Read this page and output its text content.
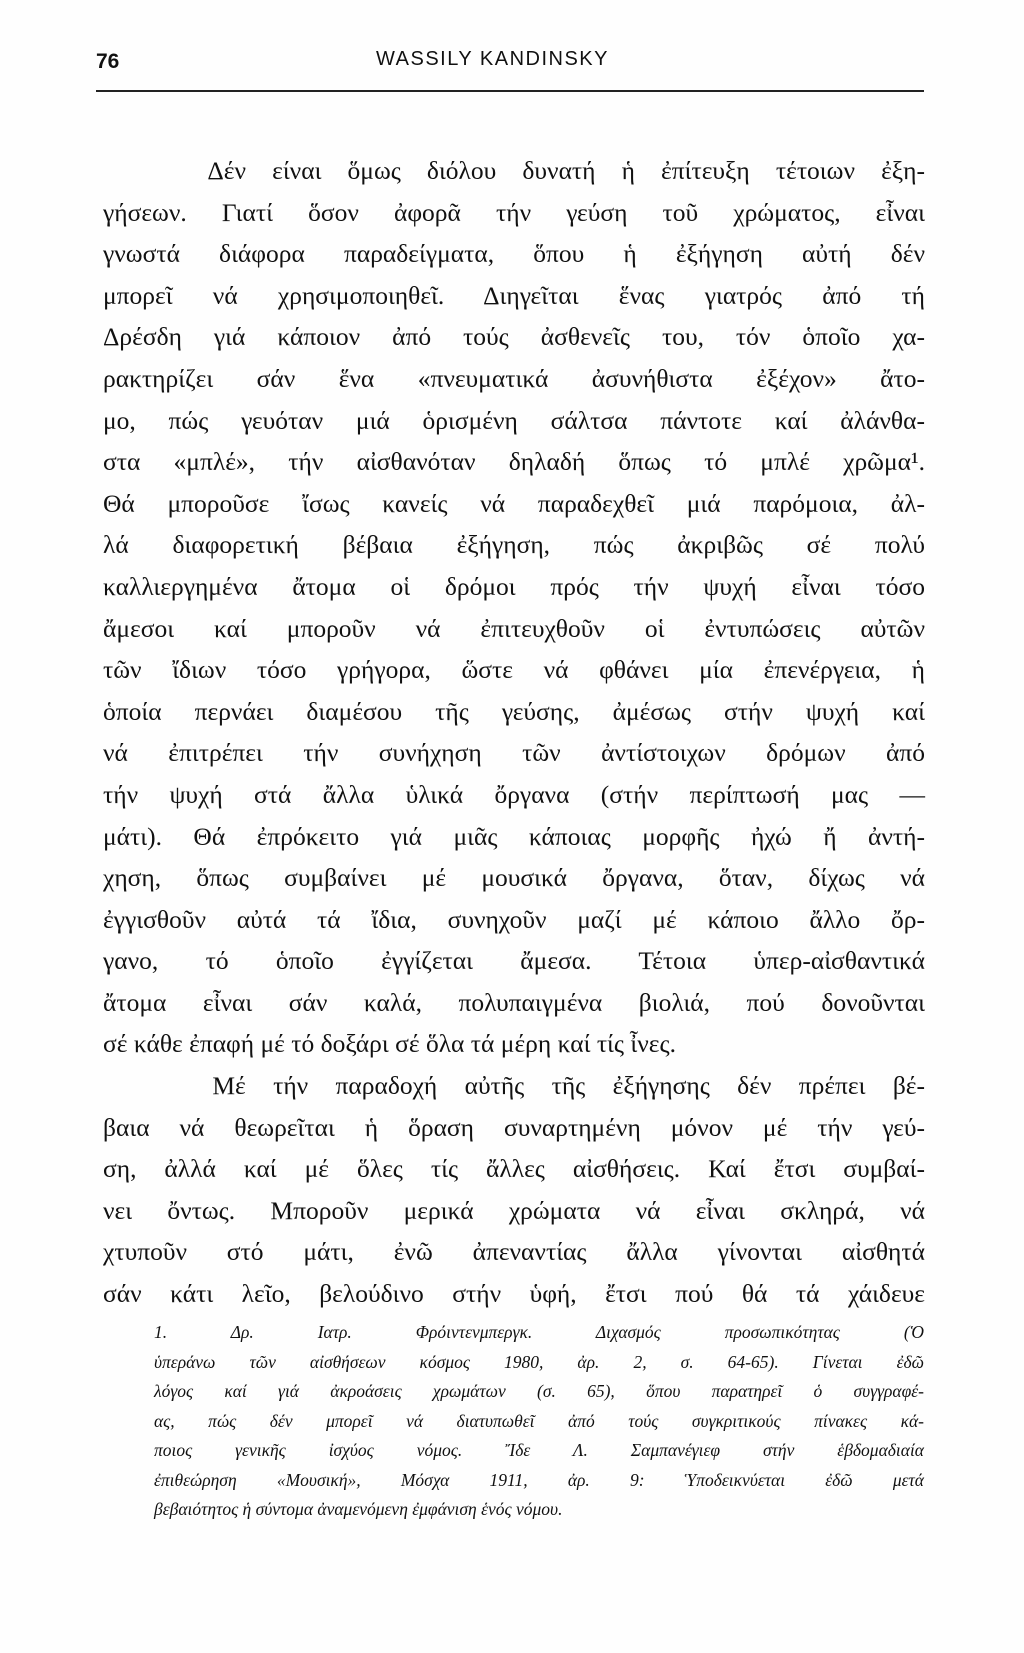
76	WASSILY KANDINSKY
Δέν είναι ὅμως διόλου δυνατή ἡ ἐπίτευξη τέτοιων ἐξη-
γήσεων. Γιατί ὅσον ἀφορᾶ τήν γεύση τοῦ χρώματος, εἶναι
γνωστά διάφορα παραδείγματα, ὅπου ἡ ἐξήγηση αὐτή δέν
μπορεῖ νά χρησιμοποιηθεῖ. Διηγεῖται ἕνας γιατρός ἀπό τή
Δρέσδη γιά κάποιον ἀπό τούς ἀσθενεῖς του, τόν ὁποῖο χα-
ρακτηρίζει σάν ἕνα «πνευματικά ἀσυνήθιστα ἐξέχον» ἄτο-
μο, πώς γευόταν μιά ὁρισμένη σάλτσα πάντοτε καί ἀλάνθα-
στα «μπλέ», τήν αἰσθανόταν δηλαδή ὅπως τό μπλέ χρῶμα¹.
Θά μποροῦσε ἴσως κανείς νά παραδεχθεῖ μιά παρόμοια, ἀλ-
λά διαφορετική βέβαια ἐξήγηση, πώς ἀκριβῶς σέ πολύ
καλλιεργημένα ἄτομα οἱ δρόμοι πρός τήν ψυχή εἶναι τόσο
ἄμεσοι καί μποροῦν νά ἐπιτευχθοῦν οἱ ἐντυπώσεις αὐτῶν
τῶν ἴδιων τόσο γρήγορα, ὥστε νά φθάνει μία ἐπενέργεια, ἡ
ὁποία περνάει διαμέσου τῆς γεύσης, ἀμέσως στήν ψυχή καί
νά ἐπιτρέπει τήν συνήχηση τῶν ἀντίστοιχων δρόμων ἀπό
τήν ψυχή στά ἄλλα ὑλικά ὄργανα (στήν περίπτωσή μας —
μάτι). Θά ἐπρόκειτο γιά μιᾶς κάποιας μορφῆς ἠχώ ἤ ἀντή-
χηση, ὅπως συμβαίνει μέ μουσικά ὄργανα, ὅταν, δίχως νά
ἐγγισθοῦν αὐτά τά ἴδια, συνηχοῦν μαζί μέ κάποιο ἄλλο ὄρ-
γανο, τό ὁποῖο ἐγγίζεται ἄμεσα. Τέτοια ὑπερ-αἰσθαντικά
ἄτομα εἶναι σάν καλά, πολυπαιγμένα βιολιά, πού δονοῦνται
σέ κάθε ἐπαφή μέ τό δοξάρι σέ ὅλα τά μέρη καί τίς ἶνες.
Μέ τήν παραδοχή αὐτῆς τῆς ἐξήγησης δέν πρέπει βέ-
βαια νά θεωρεῖται ἡ ὅραση συναρτημένη μόνον μέ τήν γεύ-
ση, ἀλλά καί μέ ὅλες τίς ἄλλες αἰσθήσεις. Καί ἔτσι συμβαί-
νει ὄντως. Μποροῦν μερικά χρώματα νά εἶναι σκληρά, νά
χτυποῦν στό μάτι, ἐνῶ ἀπεναντίας ἄλλα γίνονται αἰσθητά
σάν κάτι λεῖο, βελούδινο στήν ὑφή, ἔτσι πού θά τά χάιδευε
1. Δρ. Ιατρ. Φρόιντενμπεργκ. Διχασμός προσωπικότητας (Ὁ
ὑπεράνω τῶν αἰσθήσεων κόσμος 1980, ἀρ. 2, σ. 64-65). Γίνεται ἐδῶ
λόγος καί γιά ἀκροάσεις χρωμάτων (σ. 65), ὅπου παρατηρεῖ ὁ συγγραφέ-
ας, πώς δέν μπορεῖ νά διατυπωθεῖ ἀπό τούς συγκριτικούς πίνακες κά-
ποιος γενικῆς ἰσχύος νόμος. Ἴδε Λ. Σαμπανέγιεφ στήν ἑβδομαδιαία
ἐπιθεώρηση «Μουσική», Μόσχα 1911, ἀρ. 9: Ὑποδεικνύεται ἐδῶ μετά
βεβαιότητος ἡ σύντομα ἀναμενόμενη ἐμφάνιση ἑνός νόμου.
